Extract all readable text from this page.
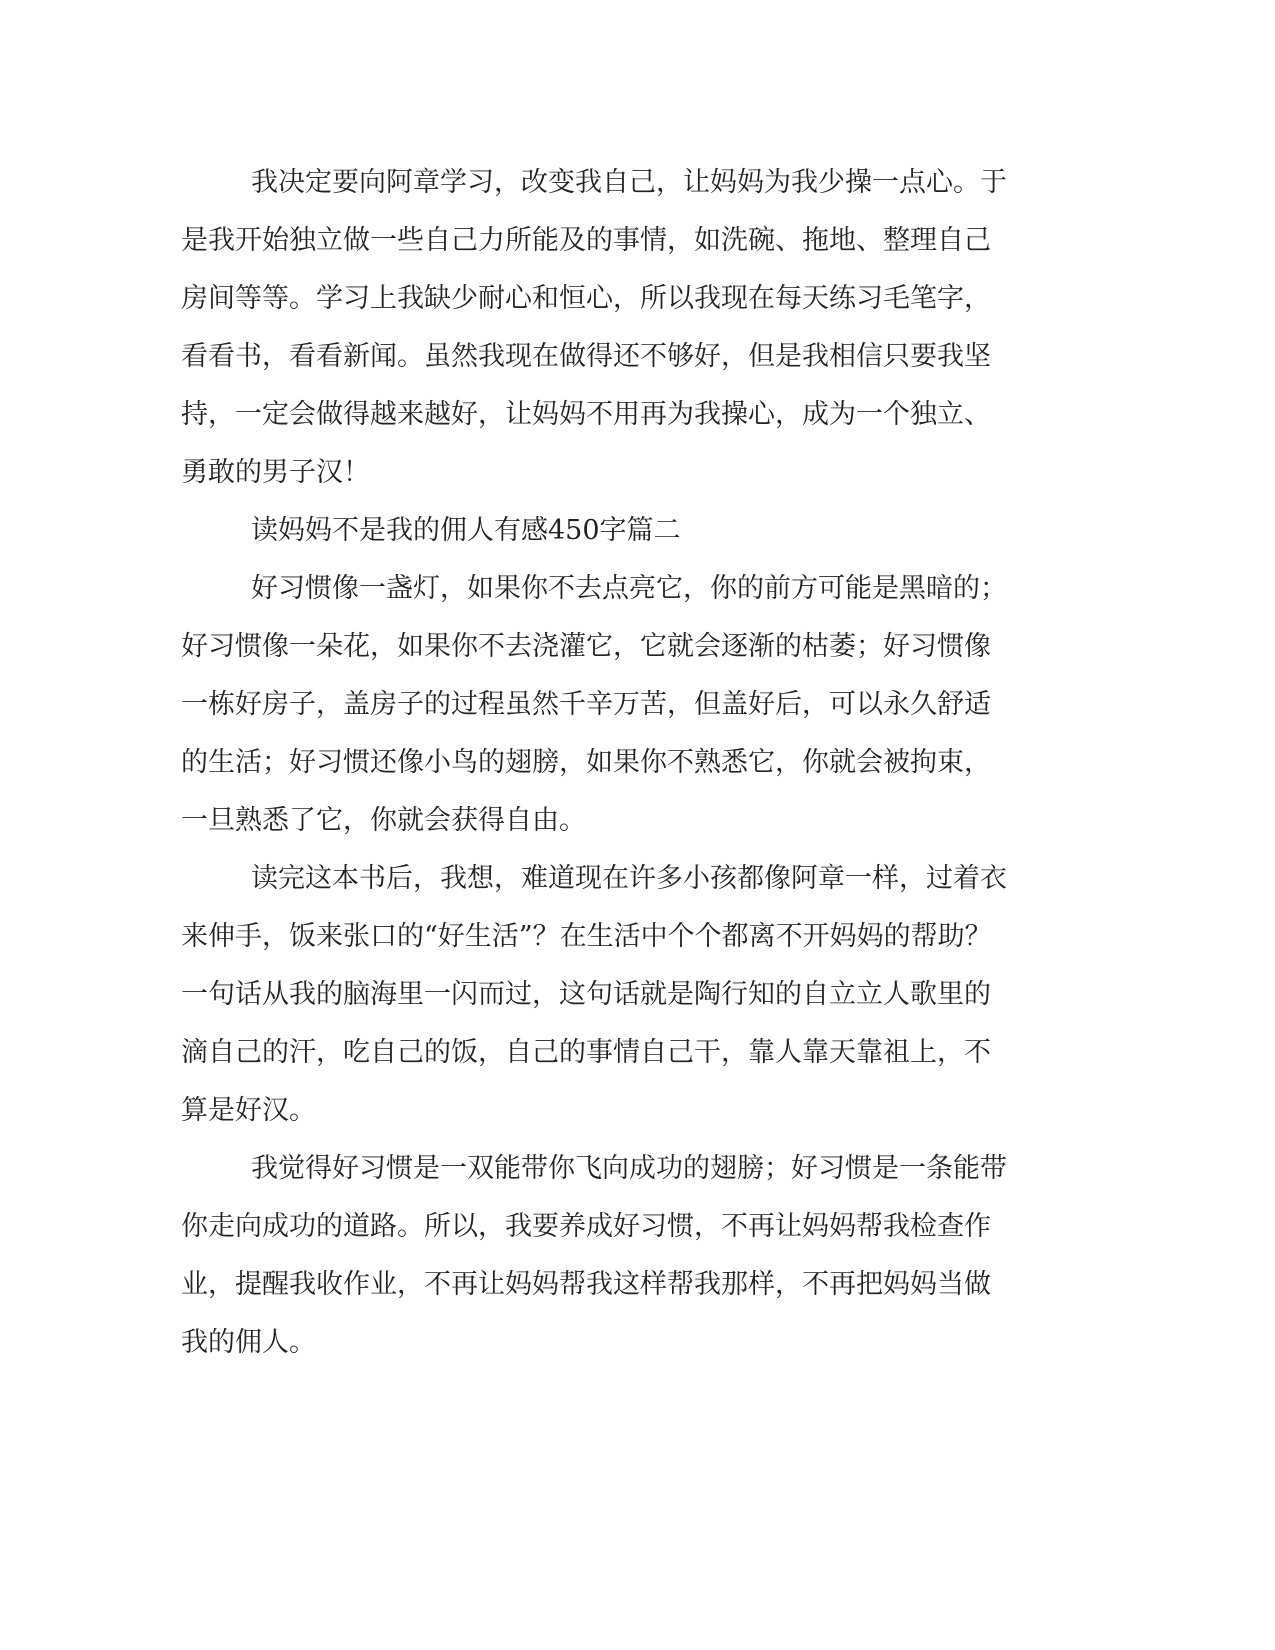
我决定要向阿章学习，改变我自己，让妈妈为我少操一点心。于
是我开始独立做一些自己力所能及的事情，如洗碗、拖地、整理自己
房间等等。学习上我缺少耐心和恒心，所以我现在每天练习毛笔字，
看看书，看看新闻。虽然我现在做得还不够好，但是我相信只要我坚
持，一定会做得越来越好，让妈妈不用再为我操心，成为一个独立、
勇敢的男子汉！
读妈妈不是我的佣人有感450字篇二
好习惯像一盏灯，如果你不去点亮它，你的前方可能是黑暗的；
好习惯像一朵花，如果你不去浇灌它，它就会逐渐的枯萎；好习惯像
一栋好房子，盖房子的过程虽然千辛万苦，但盖好后，可以永久舒适
的生活；好习惯还像小鸟的翅膀，如果你不熟悉它，你就会被拘束，
一旦熟悉了它，你就会获得自由。
读完这本书后，我想，难道现在许多小孩都像阿章一样，过着衣
来伸手，饭来张口的“好生活”？在生活中个个都离不开妈妈的帮助？
一句话从我的脑海里一闪而过，这句话就是陶行知的自立立人歌里的
滴自己的汗，吃自己的饭，自己的事情自己干，靠人靠天靠祖上，不
算是好汉。
我觉得好习惯是一双能带你飞向成功的翅膀；好习惯是一条能带
你走向成功的道路。所以，我要养成好习惯，不再让妈妈帮我检查作
业，提醒我收作业，不再让妈妈帮我这样帮我那样，不再把妈妈当做
我的佣人。
